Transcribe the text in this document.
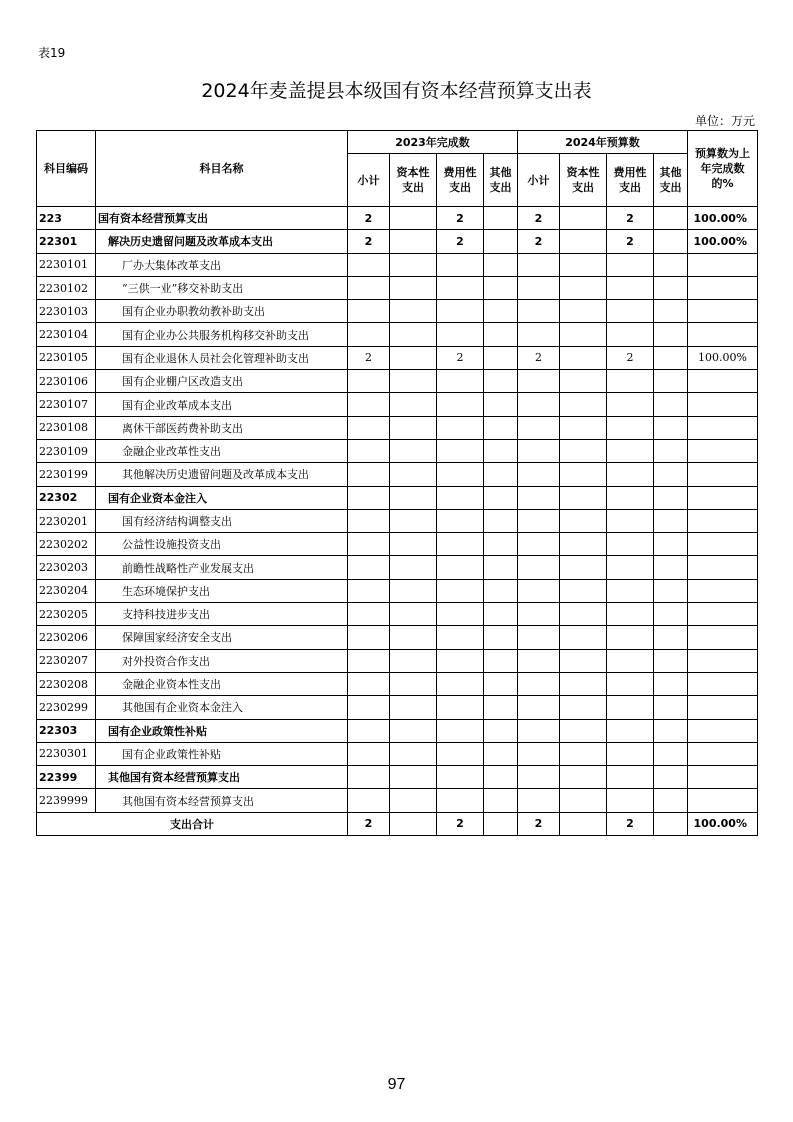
表19
2024年麦盖提县本级国有资本经营预算支出表
单位：万元
科目编码	科目名称	2023年完成数				2024年预算数				预算数为上年完成数的%
		小计	资本性支出	费用性支出	其他支出	小计	资本性支出	费用性支出	其他支出	
223	国有资本经营预算支出	2		2		2		2		100.00%
22301	解决历史遗留问题及改革成本支出	2		2		2		2		100.00%
2230101	厂办大集体改革支出									
2230102	“三供一业”移交补助支出									
2230103	国有企业办职教幼教补助支出									
2230104	国有企业办公共服务机构移交补助支出									
2230105	国有企业退休人员社会化管理补助支出	2		2		2		2		100.00%
2230106	国有企业棚户区改造支出									
2230107	国有企业改革成本支出									
2230108	离休干部医药费补助支出									
2230109	金融企业改革性支出									
2230199	其他解决历史遗留问题及改革成本支出									
22302	国有企业资本金注入									
2230201	国有经济结构调整支出									
2230202	公益性设施投资支出									
2230203	前瞻性战略性产业发展支出									
2230204	生态环境保护支出									
2230205	支持科技进步支出									
2230206	保障国家经济安全支出									
2230207	对外投资合作支出									
2230208	金融企业资本性支出									
2230299	其他国有企业资本金注入									
22303	国有企业政策性补贴									
2230301	国有企业政策性补贴									
22399	其他国有资本经营预算支出									
2239999	其他国有资本经营预算支出									
支出合计		2		2		2		2		100.00%
97
